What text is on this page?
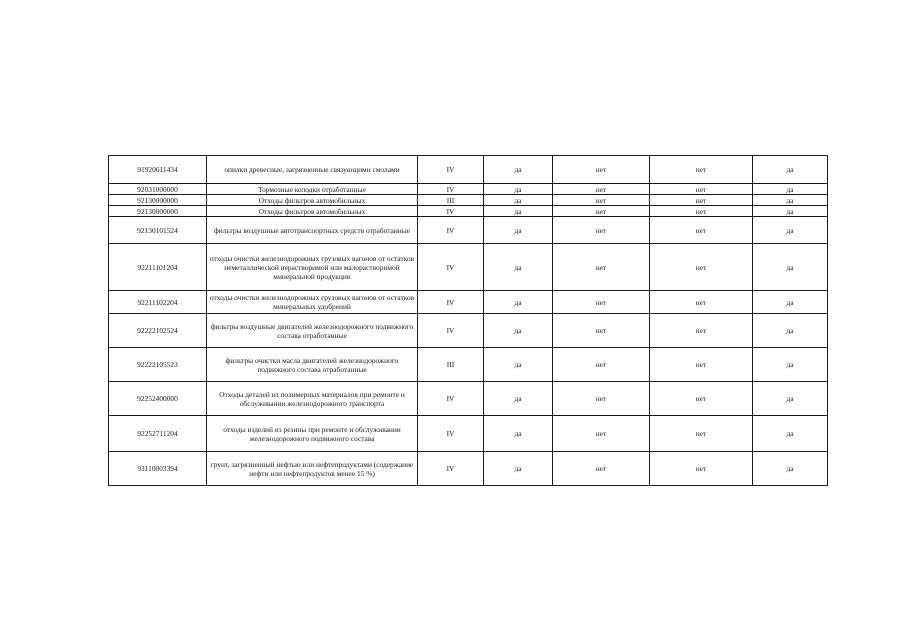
91920611434	опилки древесные, загрязненные связующими смолами	IV	да	нет	нет	да
92031000000	Тормозные колодки отработанные	IV	да	нет	нет	да
92130000000	Отходы фильтров автомобильных	III	да	нет	нет	да
92130000000	Отходы фильтров автомобильных	IV	да	нет	нет	да
92130101524	фильтры воздушные автотранспортных средств отработанные	IV	да	нет	нет	да
92211101204	отходы очистки железнодорожных грузовых вагонов от остатков неметаллической нерастворимой или малорастворимой минеральной продукции	IV	да	нет	нет	да
92211102204	отходы очистки железнодорожных грузовых вагонов от остатков минеральных удобрений	IV	да	нет	нет	да
92222102524	фильтры воздушные двигателей железнодорожного подвижного состава отработанные	IV	да	нет	нет	да
92222105523	фильтры очистки масла двигателей железнодорожного подвижного состава отработанные	III	да	нет	нет	да
92252400000	Отходы деталей из полимерных материалов при ремонте и обслуживании железнодорожного транспорта	IV	да	нет	нет	да
92252711204	отходы изделий из резины при ремонте и обслуживании железнодорожного подвижного состава	IV	да	нет	нет	да
93110003394	грунт, загрязненный нефтью или нефтепродуктами (содержание нефти или нефтепродуктов менее 15 %)	IV	да	нет	нет	да
